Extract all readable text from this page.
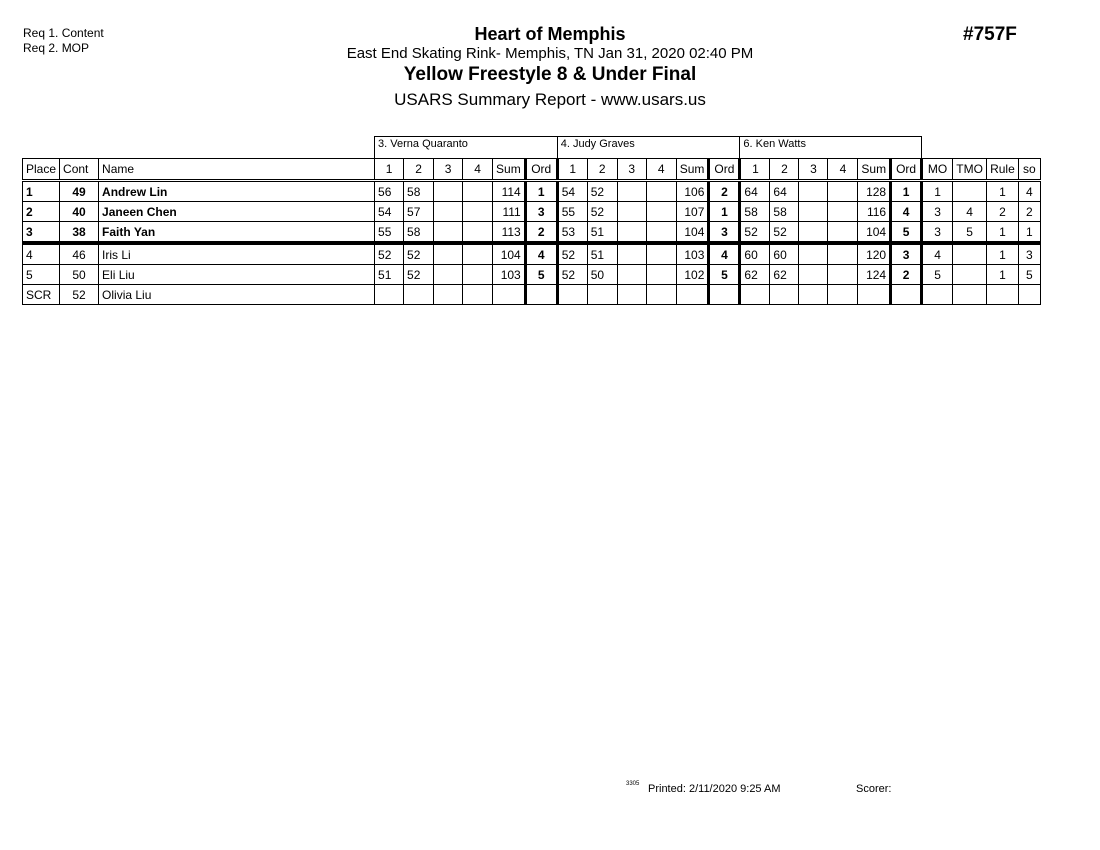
Req 1. Content
Req 2. MOP
Heart of Memphis
East End Skating Rink- Memphis, TN Jan 31, 2020 02:40 PM
Yellow Freestyle 8 & Under Final
USARS Summary Report - www.usars.us
#757F
			3. Verna Quaranto						4. Judy Graves						6. Ken Watts									
Place	Cont	Name	1	2	3	4	Sum	Ord	1	2	3	4	Sum	Ord	1	2	3	4	Sum	Ord	MO	TMO	Rule	so
1	49	Andrew Lin	56	58			114	1	54	52			106	2	64	64			128	1	1		1	4
2	40	Janeen Chen	54	57			111	3	55	52			107	1	58	58			116	4	3	4	2	2
3	38	Faith Yan	55	58			113	2	53	51			104	3	52	52			104	5	3	5	1	1
4	46	Iris Li	52	52			104	4	52	51			103	4	60	60			120	3	4		1	3
5	50	Eli Liu	51	52			103	5	52	50			102	5	62	62			124	2	5		1	5
SCR	52	Olivia Liu																						
3305 Printed: 2/11/2020 9:25 AM	Scorer:
